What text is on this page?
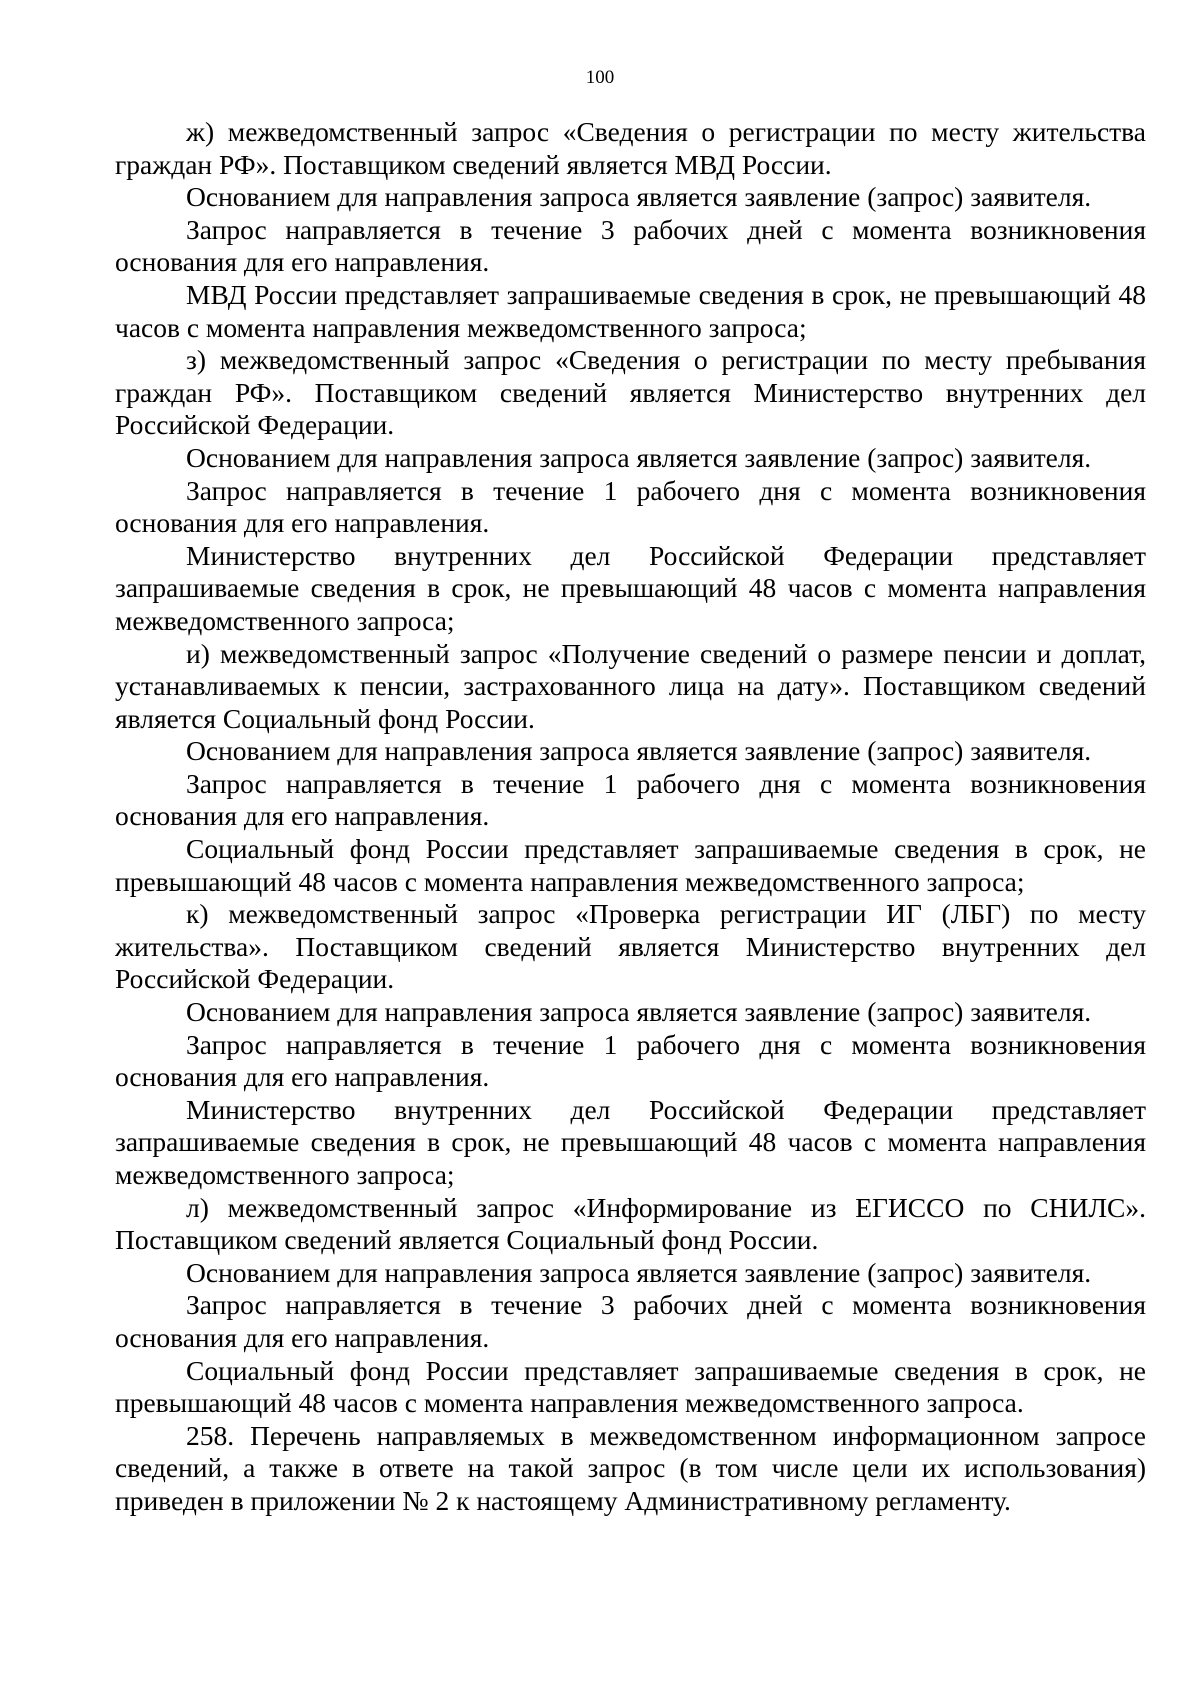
100

ж) межведомственный запрос «Сведения о регистрации по месту жительства граждан РФ». Поставщиком сведений является МВД России.

Основанием для направления запроса является заявление (запрос) заявителя.

Запрос направляется в течение 3 рабочих дней с момента возникновения основания для его направления.

МВД России представляет запрашиваемые сведения в срок, не превышающий 48 часов с момента направления межведомственного запроса;

з) межведомственный запрос «Сведения о регистрации по месту пребывания граждан РФ». Поставщиком сведений является Министерство внутренних дел Российской Федерации.

Основанием для направления запроса является заявление (запрос) заявителя.

Запрос направляется в течение 1 рабочего дня с момента возникновения основания для его направления.

Министерство внутренних дел Российской Федерации представляет запрашиваемые сведения в срок, не превышающий 48 часов с момента направления межведомственного запроса;

и) межведомственный запрос «Получение сведений о размере пенсии и доплат, устанавливаемых к пенсии, застрахованного лица на дату». Поставщиком сведений является Социальный фонд России.

Основанием для направления запроса является заявление (запрос) заявителя.

Запрос направляется в течение 1 рабочего дня с момента возникновения основания для его направления.

Социальный фонд России представляет запрашиваемые сведения в срок, не превышающий 48 часов с момента направления межведомственного запроса;

к) межведомственный запрос «Проверка регистрации ИГ (ЛБГ) по месту жительства». Поставщиком сведений является Министерство внутренних дел Российской Федерации.

Основанием для направления запроса является заявление (запрос) заявителя.

Запрос направляется в течение 1 рабочего дня с момента возникновения основания для его направления.

Министерство внутренних дел Российской Федерации представляет запрашиваемые сведения в срок, не превышающий 48 часов с момента направления межведомственного запроса;

л) межведомственный запрос «Информирование из ЕГИССО по СНИЛС». Поставщиком сведений является Социальный фонд России.

Основанием для направления запроса является заявление (запрос) заявителя.

Запрос направляется в течение 3 рабочих дней с момента возникновения основания для его направления.

Социальный фонд России представляет запрашиваемые сведения в срок, не превышающий 48 часов с момента направления межведомственного запроса.

258. Перечень направляемых в межведомственном информационном запросе сведений, а также в ответе на такой запрос (в том числе цели их использования) приведен в приложении № 2 к настоящему Административному регламенту.
